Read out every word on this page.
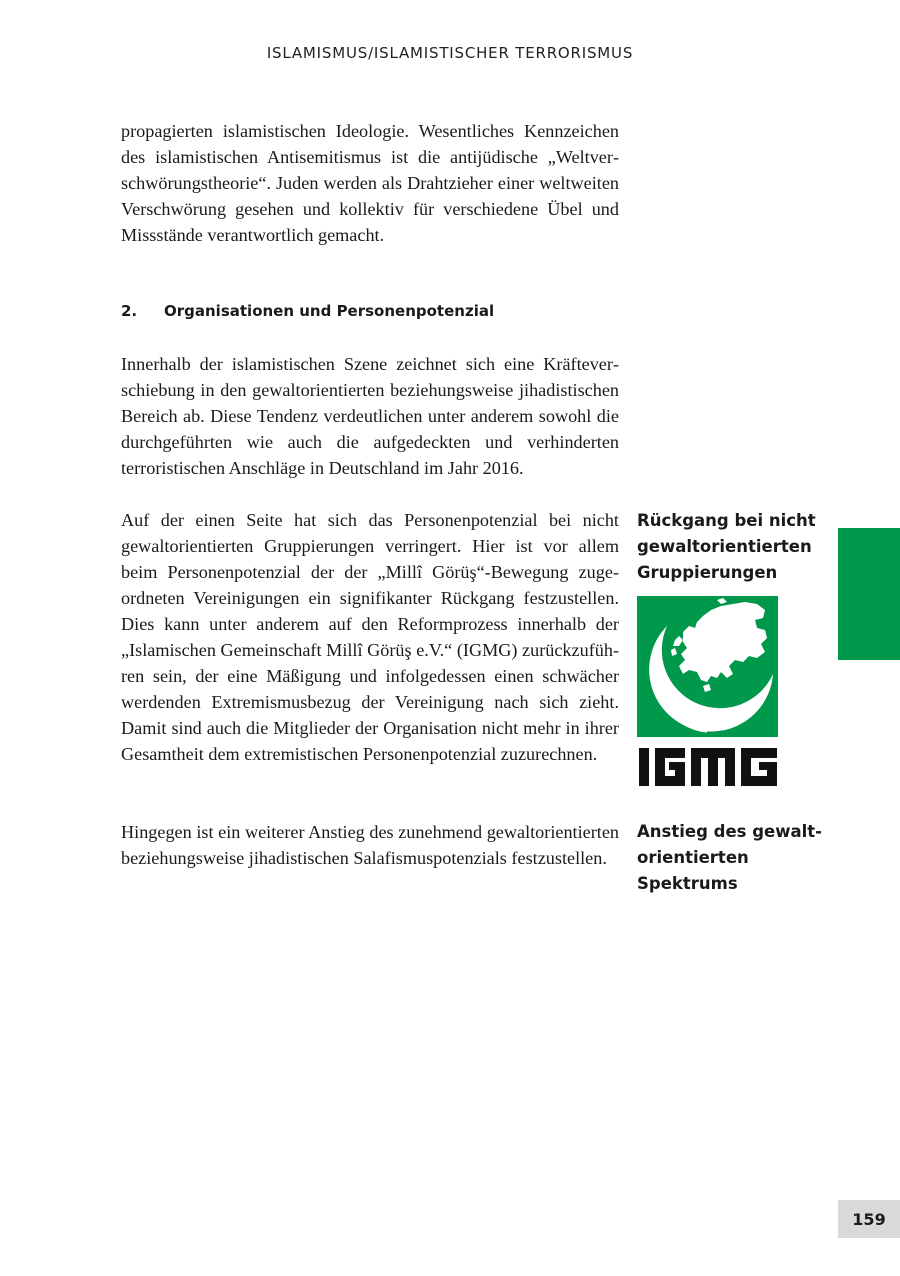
ISLAMISMUS/ISLAMISTISCHER TERRORISMUS

propagierten islamistischen Ideologie. Wesentliches Kennzeichen des islamistischen Antisemitismus ist die antijüdische „Weltverschwörungstheorie“. Juden werden als Drahtzieher einer weltweiten Verschwörung gesehen und kollektiv für verschiedene Übel und Missstände verantwortlich gemacht.

2.	Organisationen und Personenpotenzial

Innerhalb der islamistischen Szene zeichnet sich eine Kräfteverschiebung in den gewaltorientierten beziehungsweise jihadistischen Bereich ab. Diese Tendenz verdeutlichen unter anderem sowohl die durchgeführten wie auch die aufgedeckten und verhinderten terroristischen Anschläge in Deutschland im Jahr 2016.

Auf der einen Seite hat sich das Personenpotenzial bei nicht gewaltorientierten Gruppierungen verringert. Hier ist vor allem beim Personenpotenzial der der „Millî Görüş“-Bewegung zugeordneten Vereinigungen ein signifikanter Rückgang festzustellen. Dies kann unter anderem auf den Reformprozess innerhalb der „Islamischen Gemeinschaft Millî Görüş e.V.“ (IGMG) zurückzuführen sein, der eine Mäßigung und infolgedessen einen schwächer werdenden Extremismusbezug der Vereinigung nach sich zieht. Damit sind auch die Mitglieder der Organisation nicht mehr in ihrer Gesamtheit dem extremistischen Personenpotenzial zuzurechnen.

Hingegen ist ein weiterer Anstieg des zunehmend gewaltorientierten beziehungsweise jihadistischen Salafismuspotenzials festzustellen.

Rückgang bei nicht
gewaltorientierten
Gruppierungen
Anstieg des gewalt-
orientierten
Spektrums
159
